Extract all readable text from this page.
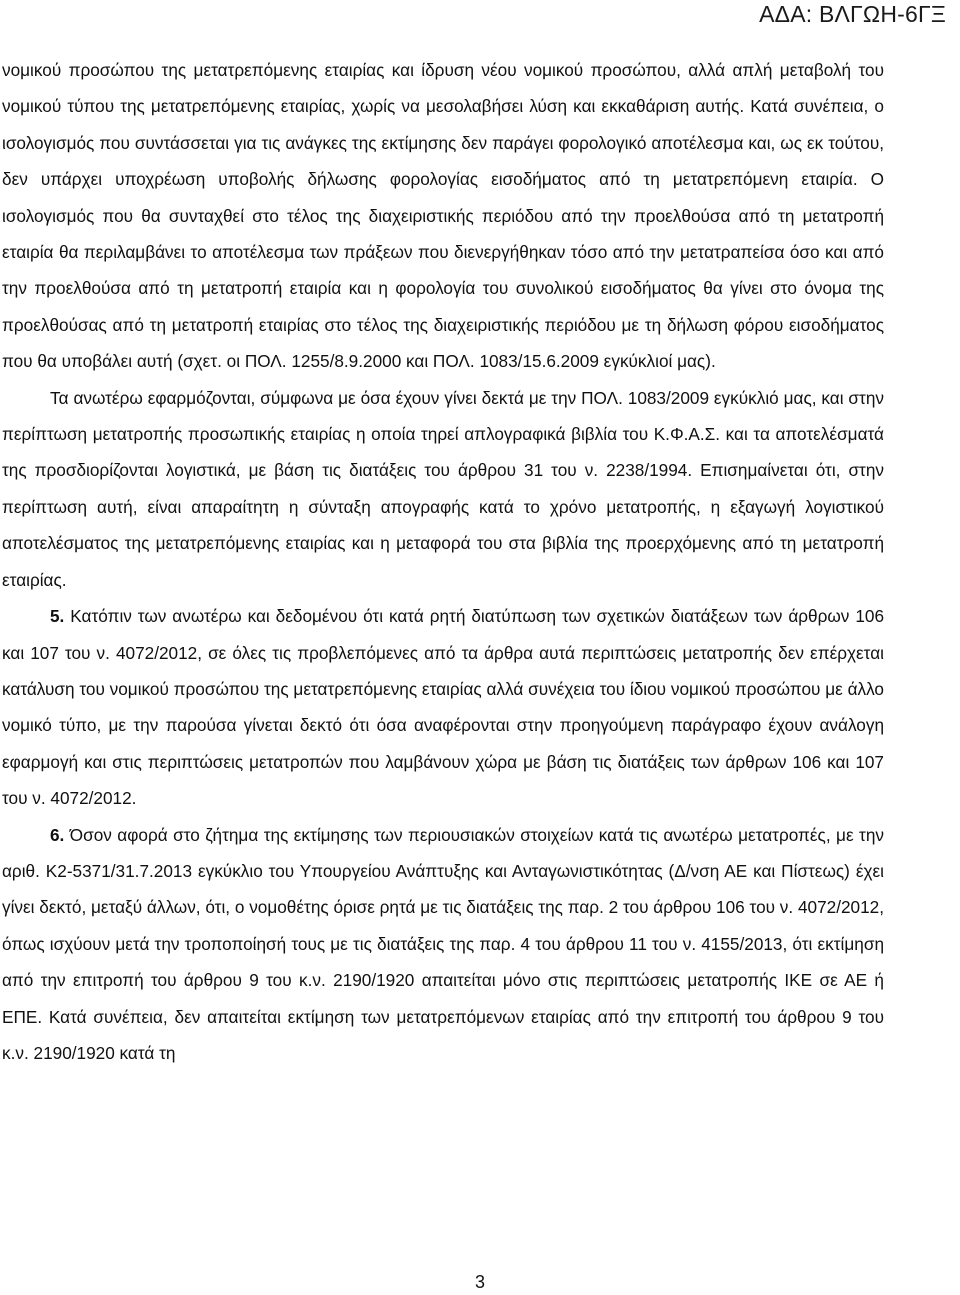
ΑΔΑ: ΒΛΓΩΗ-6ΓΞ

νομικού προσώπου της μετατρεπόμενης εταιρίας και ίδρυση νέου νομικού προσώπου, αλλά απλή μεταβολή του νομικού τύπου της μετατρεπόμενης εταιρίας, χωρίς να μεσολαβήσει λύση και εκκαθάριση αυτής. Κατά συνέπεια, ο ισολογισμός που συντάσσεται για τις ανάγκες της εκτίμησης δεν παράγει φορολογικό αποτέλεσμα και, ως εκ τούτου, δεν υπάρχει υποχρέωση υποβολής δήλωσης φορολογίας εισοδήματος από τη μετατρεπόμενη εταιρία. Ο ισολογισμός που θα συνταχθεί στο τέλος της διαχειριστικής περιόδου από την προελθούσα από τη μετατροπή εταιρία θα περιλαμβάνει το αποτέλεσμα των πράξεων που διενεργήθηκαν τόσο από την μετατραπείσα όσο και από την προελθούσα από τη μετατροπή εταιρία και η φορολογία του συνολικού εισοδήματος θα γίνει στο όνομα της προελθούσας από τη μετατροπή εταιρίας στο τέλος της διαχειριστικής περιόδου με τη δήλωση φόρου εισοδήματος που θα υποβάλει αυτή (σχετ. οι ΠΟΛ. 1255/8.9.2000 και ΠΟΛ. 1083/15.6.2009 εγκύκλιοί μας).

Τα ανωτέρω εφαρμόζονται, σύμφωνα με όσα έχουν γίνει δεκτά με την ΠΟΛ. 1083/2009 εγκύκλιό μας, και στην περίπτωση μετατροπής προσωπικής εταιρίας η οποία τηρεί απλογραφικά βιβλία του Κ.Φ.Α.Σ. και τα αποτελέσματά της προσδιορίζονται λογιστικά, με βάση τις διατάξεις του άρθρου 31 του ν. 2238/1994. Επισημαίνεται ότι, στην περίπτωση αυτή, είναι απαραίτητη η σύνταξη απογραφής κατά το χρόνο μετατροπής, η εξαγωγή λογιστικού αποτελέσματος της μετατρεπόμενης εταιρίας και η μεταφορά του στα βιβλία της προερχόμενης από τη μετατροπή εταιρίας.

5. Κατόπιν των ανωτέρω και δεδομένου ότι κατά ρητή διατύπωση των σχετικών διατάξεων των άρθρων 106 και 107 του ν. 4072/2012, σε όλες τις προβλεπόμενες από τα άρθρα αυτά περιπτώσεις μετατροπής δεν επέρχεται κατάλυση του νομικού προσώπου της μετατρεπόμενης εταιρίας αλλά συνέχεια του ίδιου νομικού προσώπου με άλλο νομικό τύπο, με την παρούσα γίνεται δεκτό ότι όσα αναφέρονται στην προηγούμενη παράγραφο έχουν ανάλογη εφαρμογή και στις περιπτώσεις μετατροπών που λαμβάνουν χώρα με βάση τις διατάξεις των άρθρων 106 και 107 του ν. 4072/2012.

6. Όσον αφορά στο ζήτημα της εκτίμησης των περιουσιακών στοιχείων κατά τις ανωτέρω μετατροπές, με την αριθ. Κ2-5371/31.7.2013 εγκύκλιο του Υπουργείου Ανάπτυξης και Ανταγωνιστικότητας (Δ/νση ΑΕ και Πίστεως) έχει γίνει δεκτό, μεταξύ άλλων, ότι, ο νομοθέτης όρισε ρητά με τις διατάξεις της παρ. 2 του άρθρου 106 του ν. 4072/2012, όπως ισχύουν μετά την τροποποίησή τους με τις διατάξεις της παρ. 4 του άρθρου 11 του ν. 4155/2013, ότι εκτίμηση από την επιτροπή του άρθρου 9 του κ.ν. 2190/1920 απαιτείται μόνο στις περιπτώσεις μετατροπής ΙΚΕ σε ΑΕ ή ΕΠΕ. Κατά συνέπεια, δεν απαιτείται εκτίμηση των μετατρεπόμενων εταιρίας από την επιτροπή του άρθρου 9 του κ.ν. 2190/1920 κατά τη

3
